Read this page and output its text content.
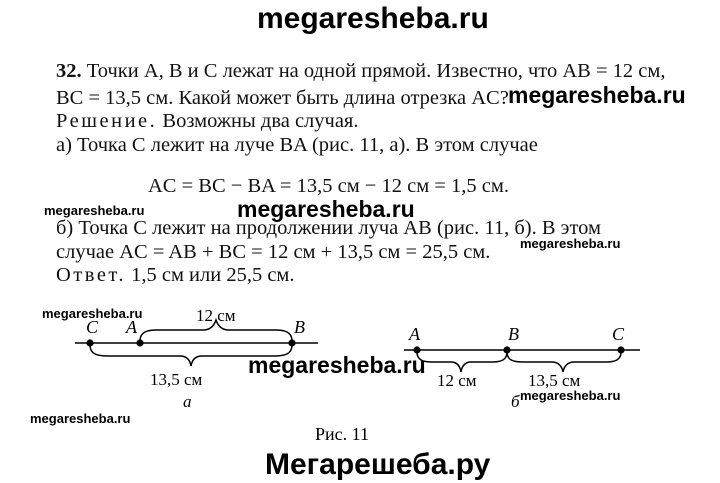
megaresheba.ru
32. Точки A, B и C лежат на одной прямой. Известно, что AB = 12 см,
BC = 13,5 см. Какой может быть длина отрезка AC? megaresheba.ru
Решение. Возможны два случая.
а) Точка C лежит на луче BA (рис. 11, а). В этом случае
AC = BC − BA = 13,5 см − 12 см = 1,5 см.
megaresheba.ru	megaresheba.ru
б) Точка C лежит на продолжении луча AB (рис. 11, б). В этом
случае AC = AB + BC = 12 см + 13,5 см = 25,5 см. megaresheba.ru
Ответ. 1,5 см или 25,5 см.
C A	B
12 см
13,5 см
а
A	B	C
12 см	13,5 см
б
Рис. 11
megaresheba.ru
megaresheba.ru
megaresheba.ru
megaresheba.ru
Мегарешеба.ру
